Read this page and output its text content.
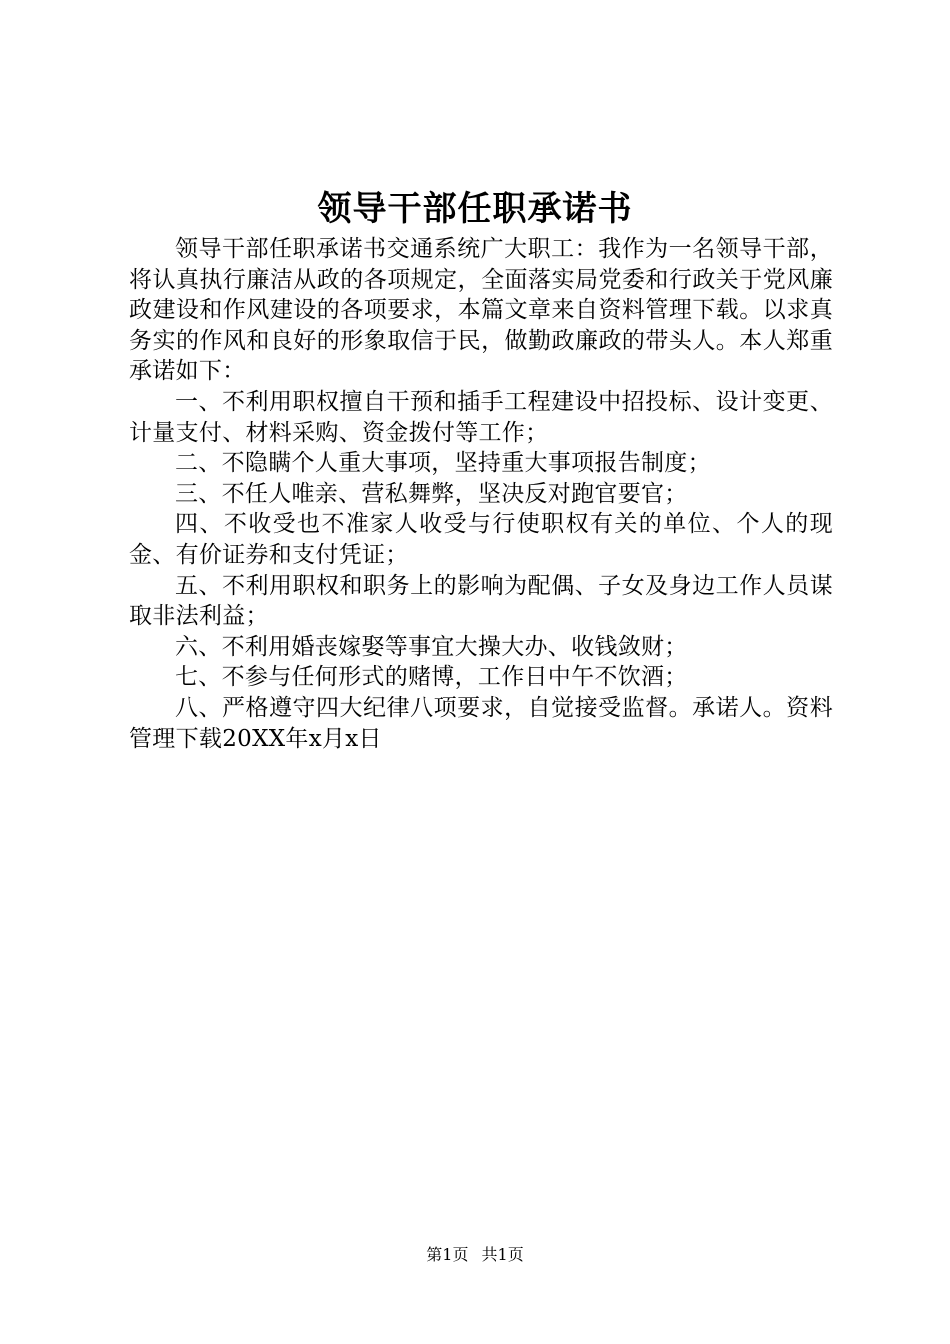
领导干部任职承诺书

领导干部任职承诺书交通系统广大职工：我作为一名领导干部，将认真执行廉洁从政的各项规定，全面落实局党委和行政关于党风廉政建设和作风建设的各项要求，本篇文章来自资料管理下载。以求真务实的作风和良好的形象取信于民，做勤政廉政的带头人。本人郑重承诺如下：

一、不利用职权擅自干预和插手工程建设中招投标、设计变更、计量支付、材料采购、资金拨付等工作；

二、不隐瞒个人重大事项，坚持重大事项报告制度；

三、不任人唯亲、营私舞弊，坚决反对跑官要官；

四、不收受也不准家人收受与行使职权有关的单位、个人的现金、有价证券和支付凭证；

五、不利用职权和职务上的影响为配偶、子女及身边工作人员谋取非法利益；

六、不利用婚丧嫁娶等事宜大操大办、收钱敛财；

七、不参与任何形式的赌博，工作日中午不饮酒；

八、严格遵守四大纪律八项要求，自觉接受监督。承诺人。资料管理下载20XX年x月x日

第1页 共1页
